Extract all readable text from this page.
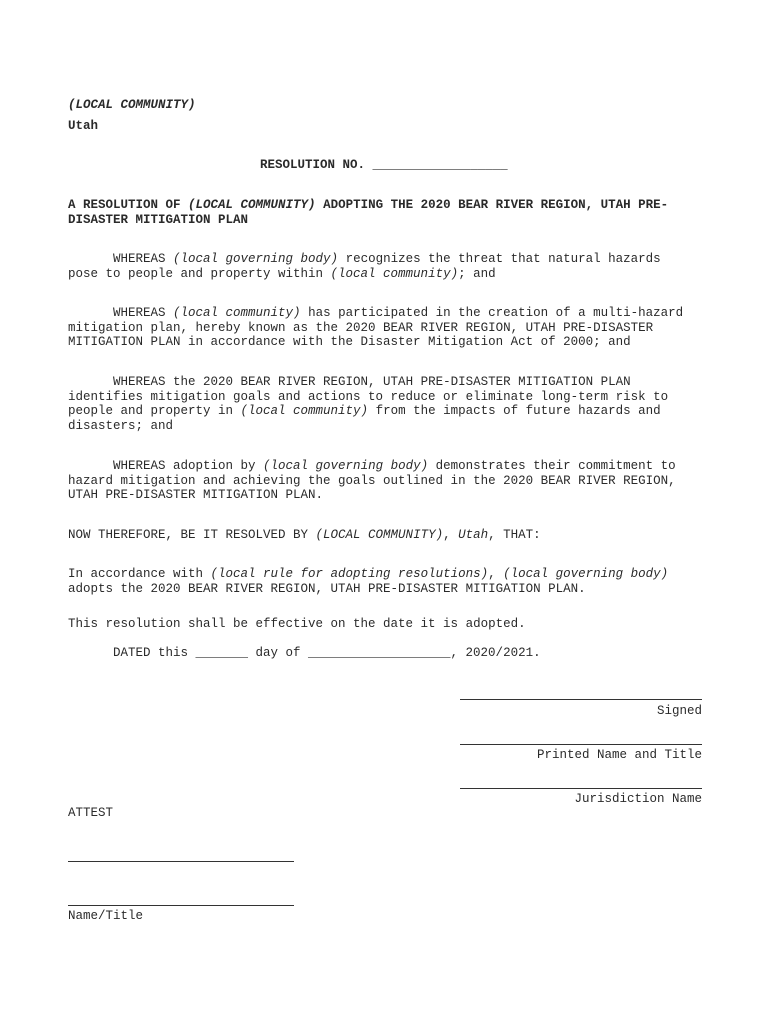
(LOCAL COMMUNITY)
Utah
RESOLUTION NO. __________________
A RESOLUTION OF (LOCAL COMMUNITY) ADOPTING THE 2020 BEAR RIVER REGION, UTAH PRE-
DISASTER MITIGATION PLAN
WHEREAS (local governing body) recognizes the threat that natural hazards
pose to people and property within (local community); and
WHEREAS (local community) has participated in the creation of a multi-hazard
mitigation plan, hereby known as the 2020 BEAR RIVER REGION, UTAH PRE-DISASTER
MITIGATION PLAN in accordance with the Disaster Mitigation Act of 2000; and
WHEREAS the 2020 BEAR RIVER REGION, UTAH PRE-DISASTER MITIGATION PLAN
identifies mitigation goals and actions to reduce or eliminate long-term risk to
people and property in (local community) from the impacts of future hazards and
disasters; and
WHEREAS adoption by (local governing body) demonstrates their commitment to
hazard mitigation and achieving the goals outlined in the 2020 BEAR RIVER REGION,
UTAH PRE-DISASTER MITIGATION PLAN.
NOW THEREFORE, BE IT RESOLVED BY (LOCAL COMMUNITY), Utah, THAT:
In accordance with (local rule for adopting resolutions), (local governing body)
adopts the 2020 BEAR RIVER REGION, UTAH PRE-DISASTER MITIGATION PLAN.
This resolution shall be effective on the date it is adopted.
DATED this _______ day of ___________________, 2020/2021.
Signed
Printed Name and Title
Jurisdiction Name
ATTEST
Name/Title
